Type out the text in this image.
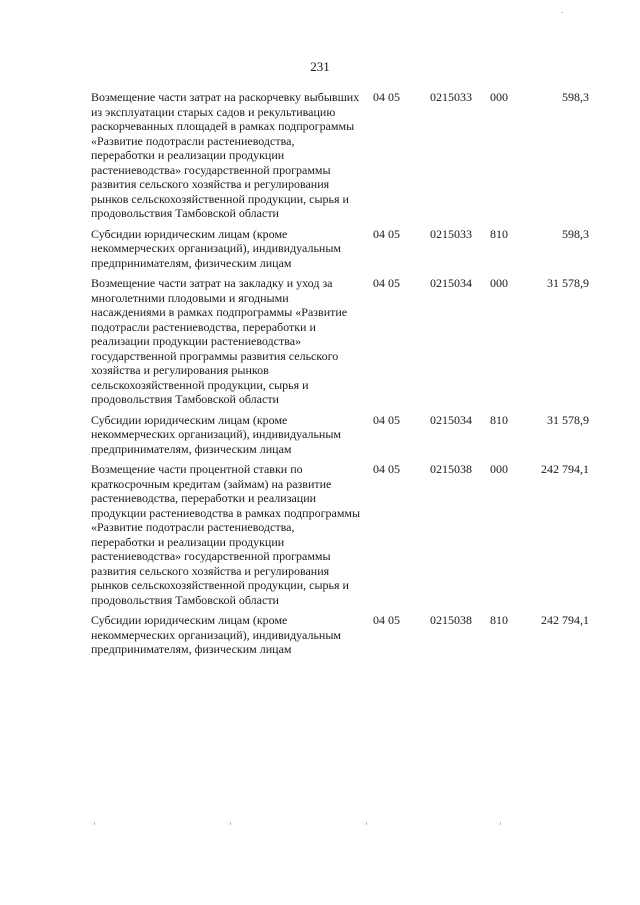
231
Возмещение части затрат на раскорчевку выбывших из эксплуатации старых садов и рекультивацию раскорчеванных площадей в рамках подпрограммы «Развитие подотрасли растениеводства, переработки и реализации продукции растениеводства» государственной программы развития сельского хозяйства и регулирования рынков сельскохозяйственной продукции, сырья и продовольствия Тамбовской области
04 05	0215033 000	598,3
Субсидии юридическим лицам (кроме некоммерческих организаций), индивидуальным предпринимателям, физическим лицам
04 05	0215033 810	598,3
Возмещение части затрат на закладку и уход за многолетними плодовыми и ягодными насаждениями в рамках подпрограммы «Развитие подотрасли растениеводства, переработки и реализации продукции растениеводства» государственной программы развития сельского хозяйства и регулирования рынков сельскохозяйственной продукции, сырья и продовольствия Тамбовской области
04 05	0215034 000	31 578,9
Субсидии юридическим лицам (кроме некоммерческих организаций), индивидуальным предпринимателям, физическим лицам
04 05	0215034 810	31 578,9
Возмещение части процентной ставки по краткосрочным кредитам (займам) на развитие растениеводства, переработки и реализации продукции растениеводства в рамках подпрограммы «Развитие подотрасли растениеводства, переработки и реализации продукции растениеводства» государственной программы развития сельского хозяйства и регулирования рынков сельскохозяйственной продукции, сырья и продовольствия Тамбовской области
04 05	0215038 000	242 794,1
Субсидии юридическим лицам (кроме некоммерческих организаций), индивидуальным предпринимателям, физическим лицам
04 05	0215038 810	242 794,1
